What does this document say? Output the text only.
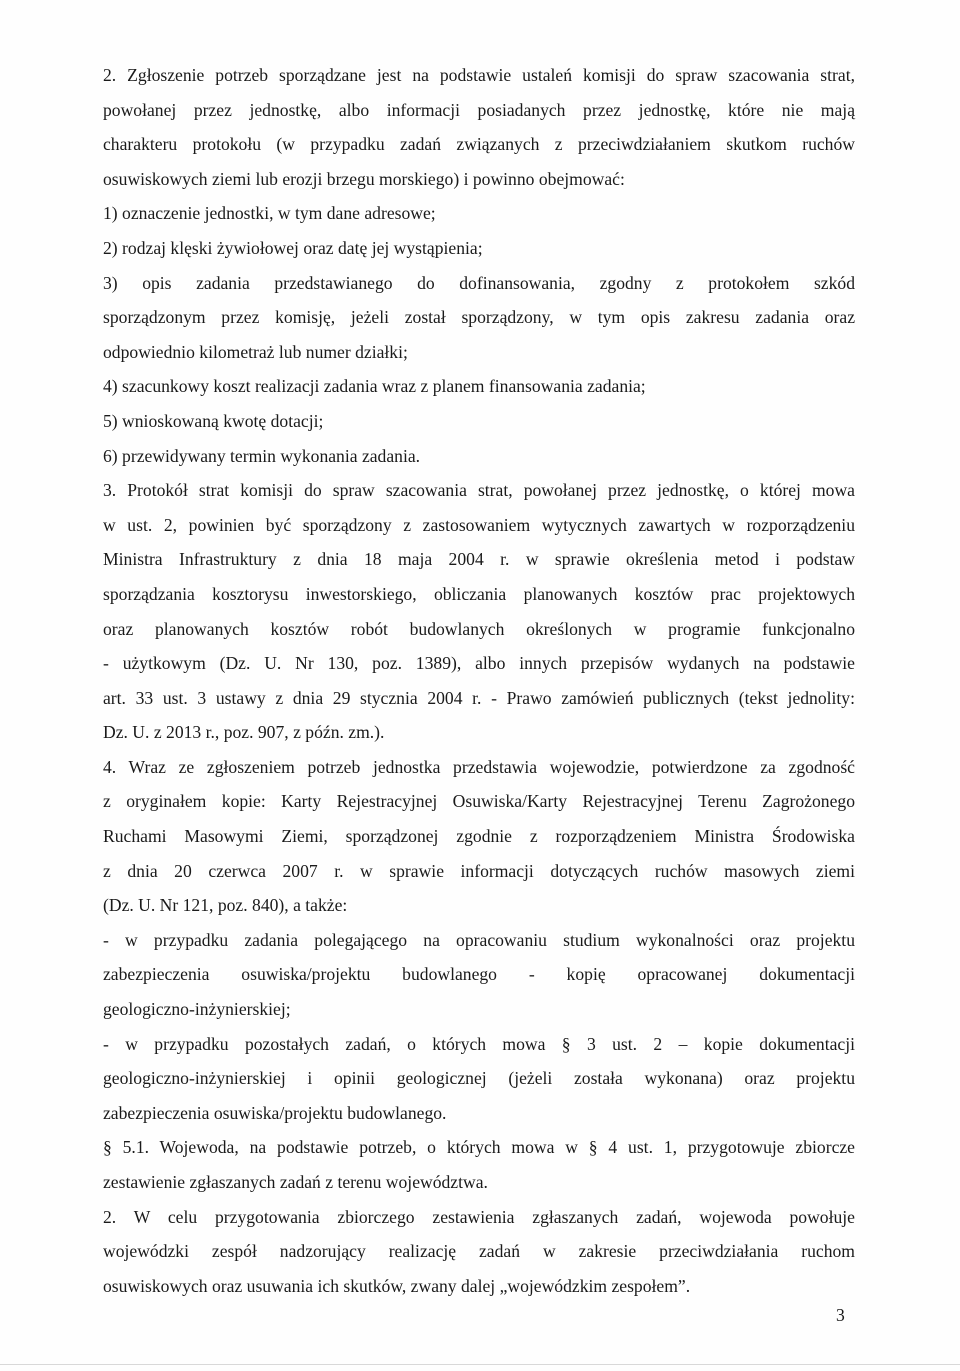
2. Zgłoszenie potrzeb sporządzane jest na podstawie ustaleń komisji do spraw szacowania strat,
powołanej przez jednostkę, albo informacji posiadanych przez jednostkę, które nie mają
charakteru protokołu (w przypadku zadań związanych z przeciwdziałaniem skutkom ruchów
osuwiskowych ziemi lub erozji brzegu morskiego) i powinno obejmować:
1) oznaczenie jednostki, w tym dane adresowe;
2) rodzaj klęski żywiołowej oraz datę jej wystąpienia;
3) opis zadania przedstawianego do dofinansowania, zgodny z protokołem szkód
sporządzonym przez komisję, jeżeli został sporządzony, w tym opis zakresu zadania oraz
odpowiednio kilometraż lub numer działki;
4) szacunkowy koszt realizacji zadania wraz z planem finansowania zadania;
5) wnioskowaną kwotę dotacji;
6) przewidywany termin wykonania zadania.
3. Protokół strat komisji do spraw szacowania strat, powołanej przez jednostkę, o której mowa
w ust. 2, powinien być sporządzony z zastosowaniem wytycznych zawartych w rozporządzeniu
Ministra Infrastruktury z dnia 18 maja 2004 r. w sprawie określenia metod i podstaw
sporządzania kosztorysu inwestorskiego, obliczania planowanych kosztów prac projektowych
oraz planowanych kosztów robót budowlanych określonych w programie funkcjonalno
- użytkowym (Dz. U. Nr 130, poz. 1389), albo innych przepisów wydanych na podstawie
art. 33 ust. 3 ustawy z dnia 29 stycznia 2004 r. - Prawo zamówień publicznych (tekst jednolity:
Dz. U. z 2013 r., poz. 907, z późn. zm.).
4. Wraz ze zgłoszeniem potrzeb jednostka przedstawia wojewodzie, potwierdzone za zgodność
z oryginałem kopie: Karty Rejestracyjnej Osuwiska/Karty Rejestracyjnej Terenu Zagrożonego
Ruchami Masowymi Ziemi, sporządzonej zgodnie z rozporządzeniem Ministra Środowiska
z dnia 20 czerwca 2007 r. w sprawie informacji dotyczących ruchów masowych ziemi
(Dz. U. Nr 121, poz. 840), a także:
- w przypadku zadania polegającego na opracowaniu studium wykonalności oraz projektu
zabezpieczenia osuwiska/projektu budowlanego - kopię opracowanej dokumentacji
geologiczno-inżynierskiej;
- w przypadku pozostałych zadań, o których mowa § 3 ust. 2 – kopie dokumentacji
geologiczno-inżynierskiej i opinii geologicznej (jeżeli została wykonana) oraz projektu
zabezpieczenia osuwiska/projektu budowlanego.
§ 5.1. Wojewoda, na podstawie potrzeb, o których mowa w § 4 ust. 1, przygotowuje zbiorcze
zestawienie zgłaszanych zadań z terenu województwa.
2. W celu przygotowania zbiorczego zestawienia zgłaszanych zadań, wojewoda powołuje
wojewódzki zespół nadzorujący realizację zadań w zakresie przeciwdziałania ruchom
osuwiskowych oraz usuwania ich skutków, zwany dalej „wojewódzkim zespołem”.
3
